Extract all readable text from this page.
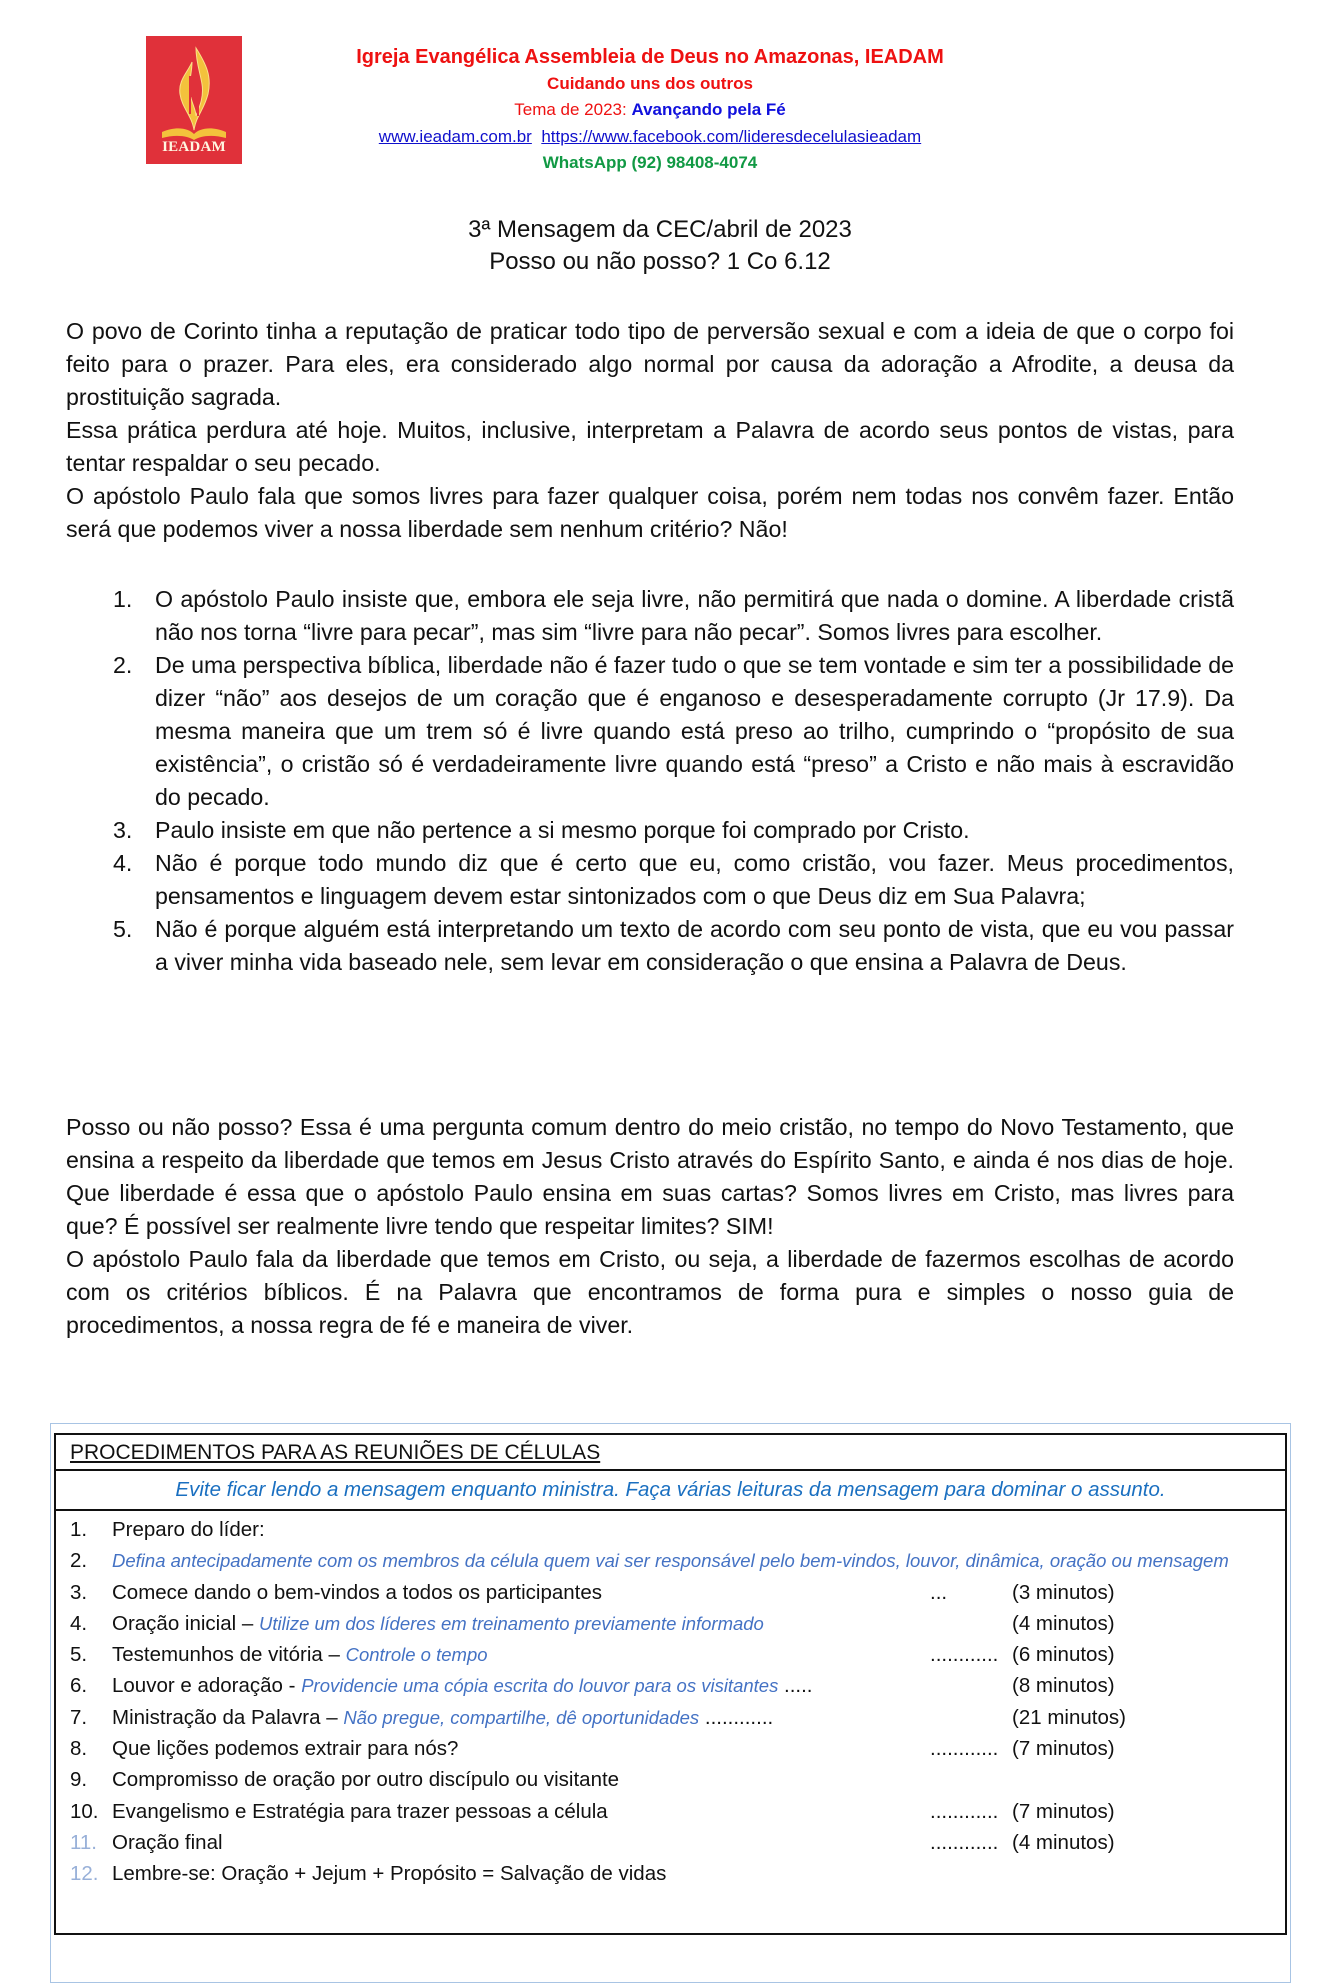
IEADAM
Igreja Evangélica Assembleia de Deus no Amazonas, IEADAM
Cuidando uns dos outros
Tema de 2023: Avançando pela Fé
www.ieadam.com.br https://www.facebook.com/lideresdecelulasieadam
WhatsApp (92) 98408-4074
3ª Mensagem da CEC/abril de 2023
Posso ou não posso? 1 Co 6.12

O povo de Corinto tinha a reputação de praticar todo tipo de perversão sexual e com a ideia de que o corpo foi feito para o prazer. Para eles, era considerado algo normal por causa da adoração a Afrodite, a deusa da prostituição sagrada.

Essa prática perdura até hoje. Muitos, inclusive, interpretam a Palavra de acordo seus pontos de vistas, para tentar respaldar o seu pecado.

O apóstolo Paulo fala que somos livres para fazer qualquer coisa, porém nem todas nos convêm fazer. Então será que podemos viver a nossa liberdade sem nenhum critério? Não!

1. O apóstolo Paulo insiste que, embora ele seja livre, não permitirá que nada o domine. A liberdade cristã não nos torna “livre para pecar”, mas sim “livre para não pecar”. Somos livres para escolher.
2. De uma perspectiva bíblica, liberdade não é fazer tudo o que se tem vontade e sim ter a possibilidade de dizer “não” aos desejos de um coração que é enganoso e desesperadamente corrupto (Jr 17.9). Da mesma maneira que um trem só é livre quando está preso ao trilho, cumprindo o “propósito de sua existência”, o cristão só é verdadeiramente livre quando está “preso” a Cristo e não mais à escravidão do pecado.
3. Paulo insiste em que não pertence a si mesmo porque foi comprado por Cristo.
4. Não é porque todo mundo diz que é certo que eu, como cristão, vou fazer. Meus procedimentos, pensamentos e linguagem devem estar sintonizados com o que Deus diz em Sua Palavra;
5. Não é porque alguém está interpretando um texto de acordo com seu ponto de vista, que eu vou passar a viver minha vida baseado nele, sem levar em consideração o que ensina a Palavra de Deus.

Posso ou não posso? Essa é uma pergunta comum dentro do meio cristão, no tempo do Novo Testamento, que ensina a respeito da liberdade que temos em Jesus Cristo através do Espírito Santo, e ainda é nos dias de hoje. Que liberdade é essa que o apóstolo Paulo ensina em suas cartas? Somos livres em Cristo, mas livres para que? É possível ser realmente livre tendo que respeitar limites? SIM!

O apóstolo Paulo fala da liberdade que temos em Cristo, ou seja, a liberdade de fazermos escolhas de acordo com os critérios bíblicos. É na Palavra que encontramos de forma pura e simples o nosso guia de procedimentos, a nossa regra de fé e maneira de viver.

PROCEDIMENTOS PARA AS REUNIÕES DE CÉLULAS
Evite ficar lendo a mensagem enquanto ministra. Faça várias leituras da mensagem para dominar o assunto.
1. Preparo do líder:
2. Defina antecipadamente com os membros da célula quem vai ser responsável pelo bem-vindos, louvor, dinâmica, oração ou mensagem
3. Comece dando o bem-vindos a todos os participantes	...	(3 minutos)
4. Oração inicial – Utilize um dos líderes em treinamento previamente informado	(4 minutos)
5. Testemunhos de vitória – Controle o tempo	............ (6 minutos)
6. Louvor e adoração - Providencie uma cópia escrita do louvor para os visitantes .....	(8 minutos)
7. Ministração da Palavra – Não pregue, compartilhe, dê oportunidades ............	(21 minutos)
8. Que lições podemos extrair para nós?	............ (7 minutos)
9. Compromisso de oração por outro discípulo ou visitante
10. Evangelismo e Estratégia para trazer pessoas a célula	............ (7 minutos)
11. Oração final	............ (4 minutos)
12. Lembre-se: Oração + Jejum + Propósito = Salvação de vidas
